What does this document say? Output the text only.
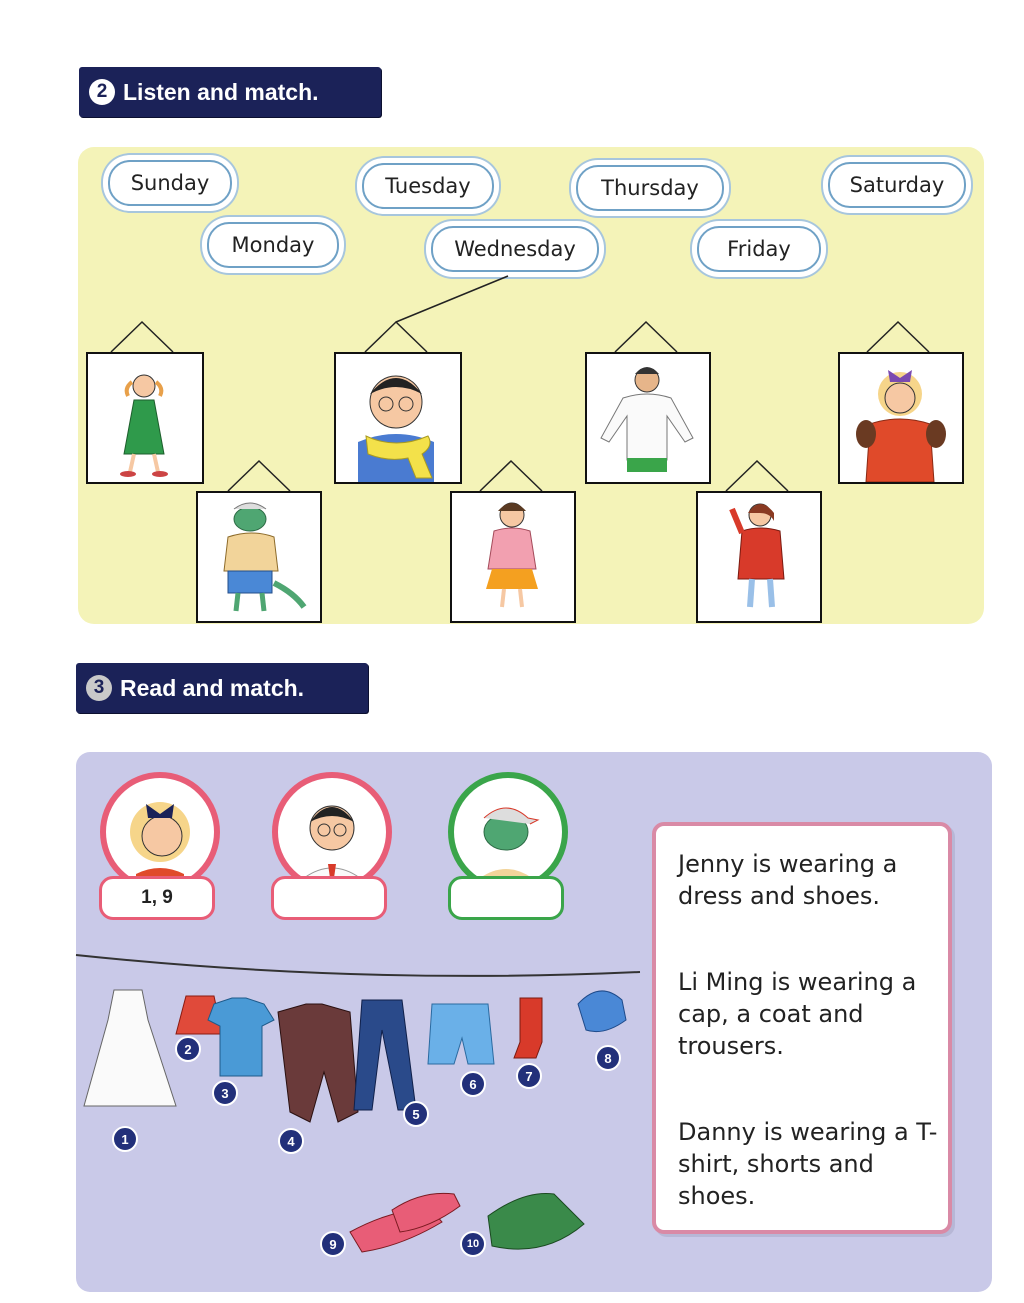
2 Listen and match.
Sunday
Monday
Tuesday
Wednesday
Thursday
Friday
Saturday
3 Read and match.
1, 9
1
2
3
4
5
6
7
8
9	10

Jenny is wearing a dress and shoes.

Li Ming is wearing a cap, a coat and trousers.

Danny is wearing a T-shirt, shorts and shoes.
